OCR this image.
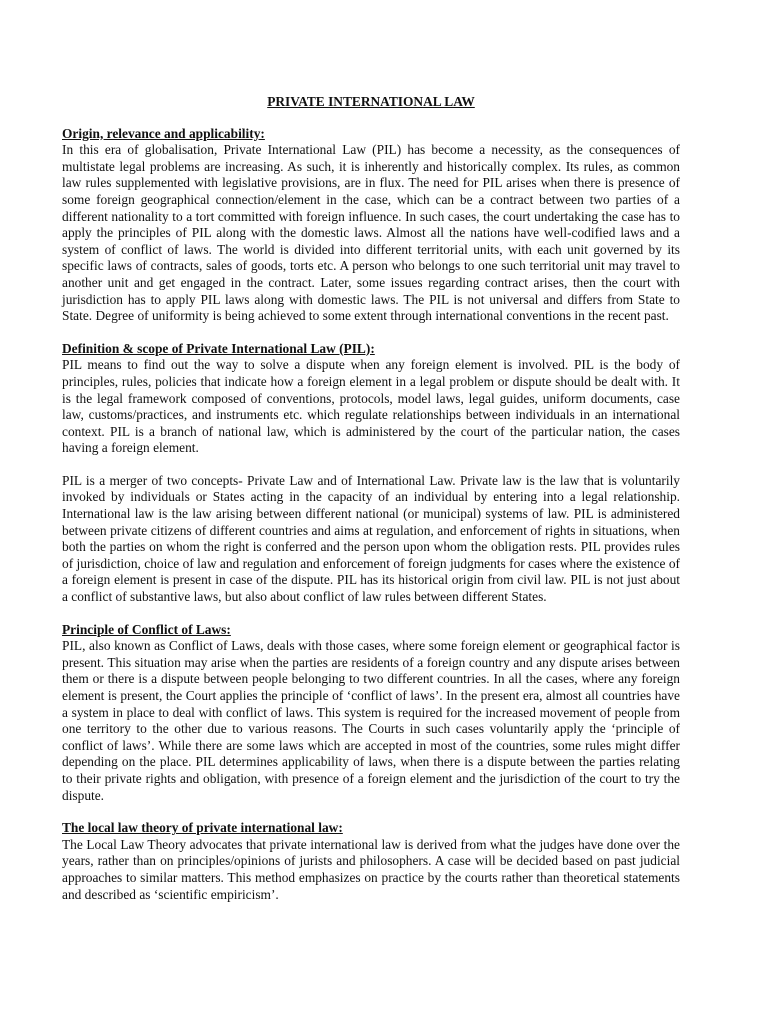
PRIVATE INTERNATIONAL LAW
Origin, relevance and applicability:

In this era of globalisation, Private International Law (PIL) has become a necessity, as the consequences of multistate legal problems are increasing. As such, it is inherently and historically complex. Its rules, as common law rules supplemented with legislative provisions, are in flux. The need for PIL arises when there is presence of some foreign geographical connection/element in the case, which can be a contract between two parties of a different nationality to a tort committed with foreign influence. In such cases, the court undertaking the case has to apply the principles of PIL along with the domestic laws. Almost all the nations have well-codified laws and a system of conflict of laws. The world is divided into different territorial units, with each unit governed by its specific laws of contracts, sales of goods, torts etc. A person who belongs to one such territorial unit may travel to another unit and get engaged in the contract. Later, some issues regarding contract arises, then the court with jurisdiction has to apply PIL laws along with domestic laws. The PIL is not universal and differs from State to State. Degree of uniformity is being achieved to some extent through international conventions in the recent past.

Definition & scope of Private International Law (PIL):

PIL means to find out the way to solve a dispute when any foreign element is involved. PIL is the body of principles, rules, policies that indicate how a foreign element in a legal problem or dispute should be dealt with. It is the legal framework composed of conventions, protocols, model laws, legal guides, uniform documents, case law, customs/practices, and instruments etc. which regulate relationships between individuals in an international context. PIL is a branch of national law, which is administered by the court of the particular nation, the cases having a foreign element.

PIL is a merger of two concepts- Private Law and of International Law. Private law is the law that is voluntarily invoked by individuals or States acting in the capacity of an individual by entering into a legal relationship. International law is the law arising between different national (or municipal) systems of law. PIL is administered between private citizens of different countries and aims at regulation, and enforcement of rights in situations, when both the parties on whom the right is conferred and the person upon whom the obligation rests. PIL provides rules of jurisdiction, choice of law and regulation and enforcement of foreign judgments for cases where the existence of a foreign element is present in case of the dispute. PIL has its historical origin from civil law. PIL is not just about a conflict of substantive laws, but also about conflict of law rules between different States.

Principle of Conflict of Laws:

PIL, also known as Conflict of Laws, deals with those cases, where some foreign element or geographical factor is present. This situation may arise when the parties are residents of a foreign country and any dispute arises between them or there is a dispute between people belonging to two different countries. In all the cases, where any foreign element is present, the Court applies the principle of ‘conflict of laws’. In the present era, almost all countries have a system in place to deal with conflict of laws. This system is required for the increased movement of people from one territory to the other due to various reasons. The Courts in such cases voluntarily apply the ‘principle of conflict of laws’. While there are some laws which are accepted in most of the countries, some rules might differ depending on the place. PIL determines applicability of laws, when there is a dispute between the parties relating to their private rights and obligation, with presence of a foreign element and the jurisdiction of the court to try the dispute.

The local law theory of private international law:

The Local Law Theory advocates that private international law is derived from what the judges have done over the years, rather than on principles/opinions of jurists and philosophers. A case will be decided based on past judicial approaches to similar matters. This method emphasizes on practice by the courts rather than theoretical statements and described as ‘scientific empiricism’.
